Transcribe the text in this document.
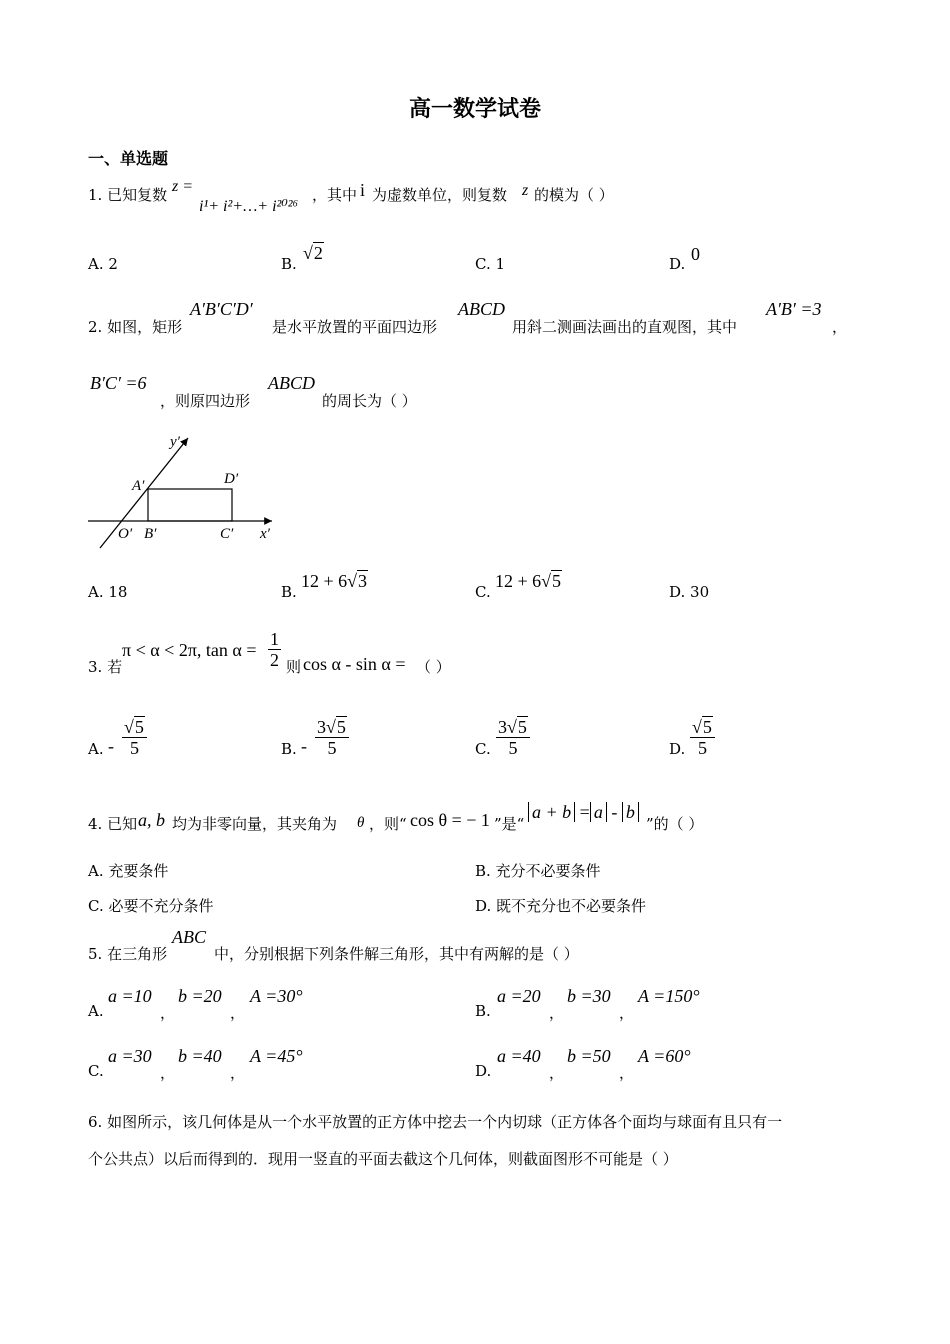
高一数学试卷
一、单选题
1. 已知复数 z =
i¹+ i²+…+ i²⁰²⁶
，其中 i 为虚数单位，则复数 z 的模为（ ）
A. 2	B.
√2
C. 1	D. 0
2. 如图，矩形
A′B′C′D′
是水平放置的平面四边形
ABCD
用斜二测画法画出的直观图，其中
A′B′ =3
，
B′C′ =6
，则原四边形
ABCD
的周长为（ ）
y′
x′
A′	D′
O′ B′	C′
A. 18	B.
12 + 6√3
C.
12 + 6√5
D. 30
3. 若
π < α < 2π, $\tan \alpha = \frac{1}{2}$ 则 cos α - sin α = （ ）
A. - $\frac{√5}{5}$	B. - $\frac{3√5}{5}$	C. $\frac{3√5}{5}$	D. $\frac{√5}{5}$
4. 已知 a, b 均为非零向量，其夹角为 θ ，则“ cos θ = − 1 ”是“
a + b = a - b
”的（ ）
A. 充要条件	B. 充分不必要条件
C. 必要不充分条件	D. 既不充分也不必要条件
5. 在三角形
ABC
中，分别根据下列条件解三角形，其中有两解的是（ ）
A.
a =10
，
b =20
，
A =30°
B.
a =20
，
b =30
，
A =150°
C.
a =30
，
b =40
，
A =45°
D.
a =40
，
b =50
，
A =60°
6. 如图所示，该几何体是从一个水平放置的正方体中挖去一个内切球（正方体各个面均与球面有且只有一
个公共点）以后而得到的．现用一竖直的平面去截这个几何体，则截面图形不可能是（ ）
